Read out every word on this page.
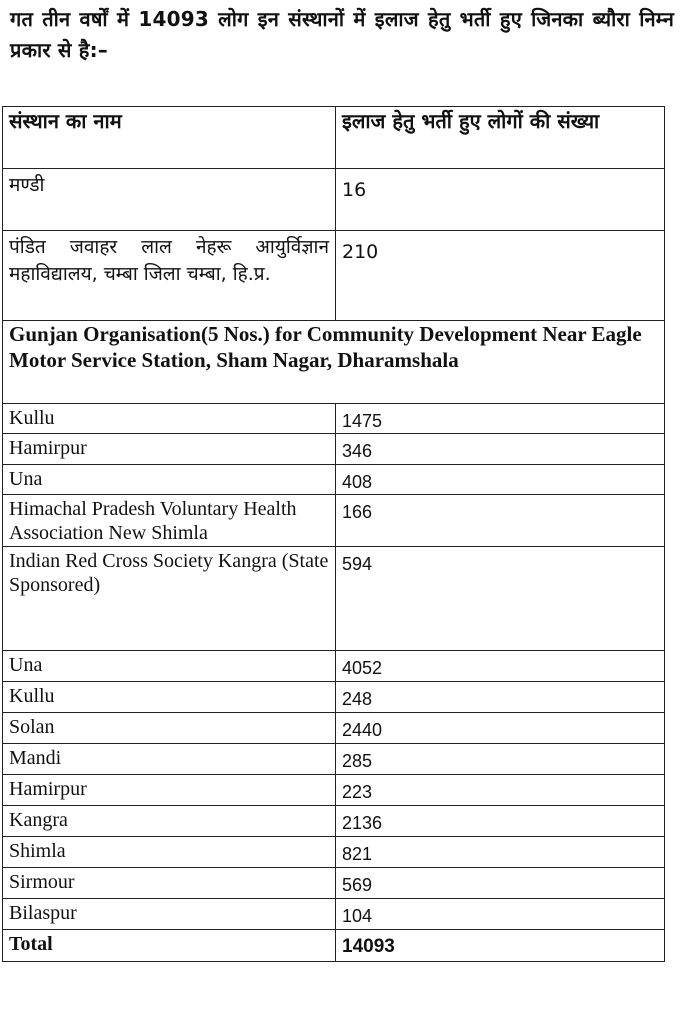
गत तीन वर्षों में 14093 लोग इन संस्थानों में इलाज हेतु भर्ती हुए जिनका ब्यौरा निम्न प्रकार से है:–
संस्थान का नाम	इलाज हेतु भर्ती हुए लोगों की संख्या
मण्डी	16
पंडित जवाहर लाल नेहरू आयुर्विज्ञान महाविद्यालय, चम्बा जिला चम्बा, हि.प्र.	210
Gunjan Organisation(5 Nos.) for Community Development Near Eagle Motor Service Station, Sham Nagar, Dharamshala	
Kullu	1475
Hamirpur	346
Una	408
Himachal Pradesh Voluntary Health Association New Shimla	166
Indian Red Cross Society Kangra (State Sponsored)	594
Una	4052
Kullu	248
Solan	2440
Mandi	285
Hamirpur	223
Kangra	2136
Shimla	821
Sirmour	569
Bilaspur	104
Total	14093
